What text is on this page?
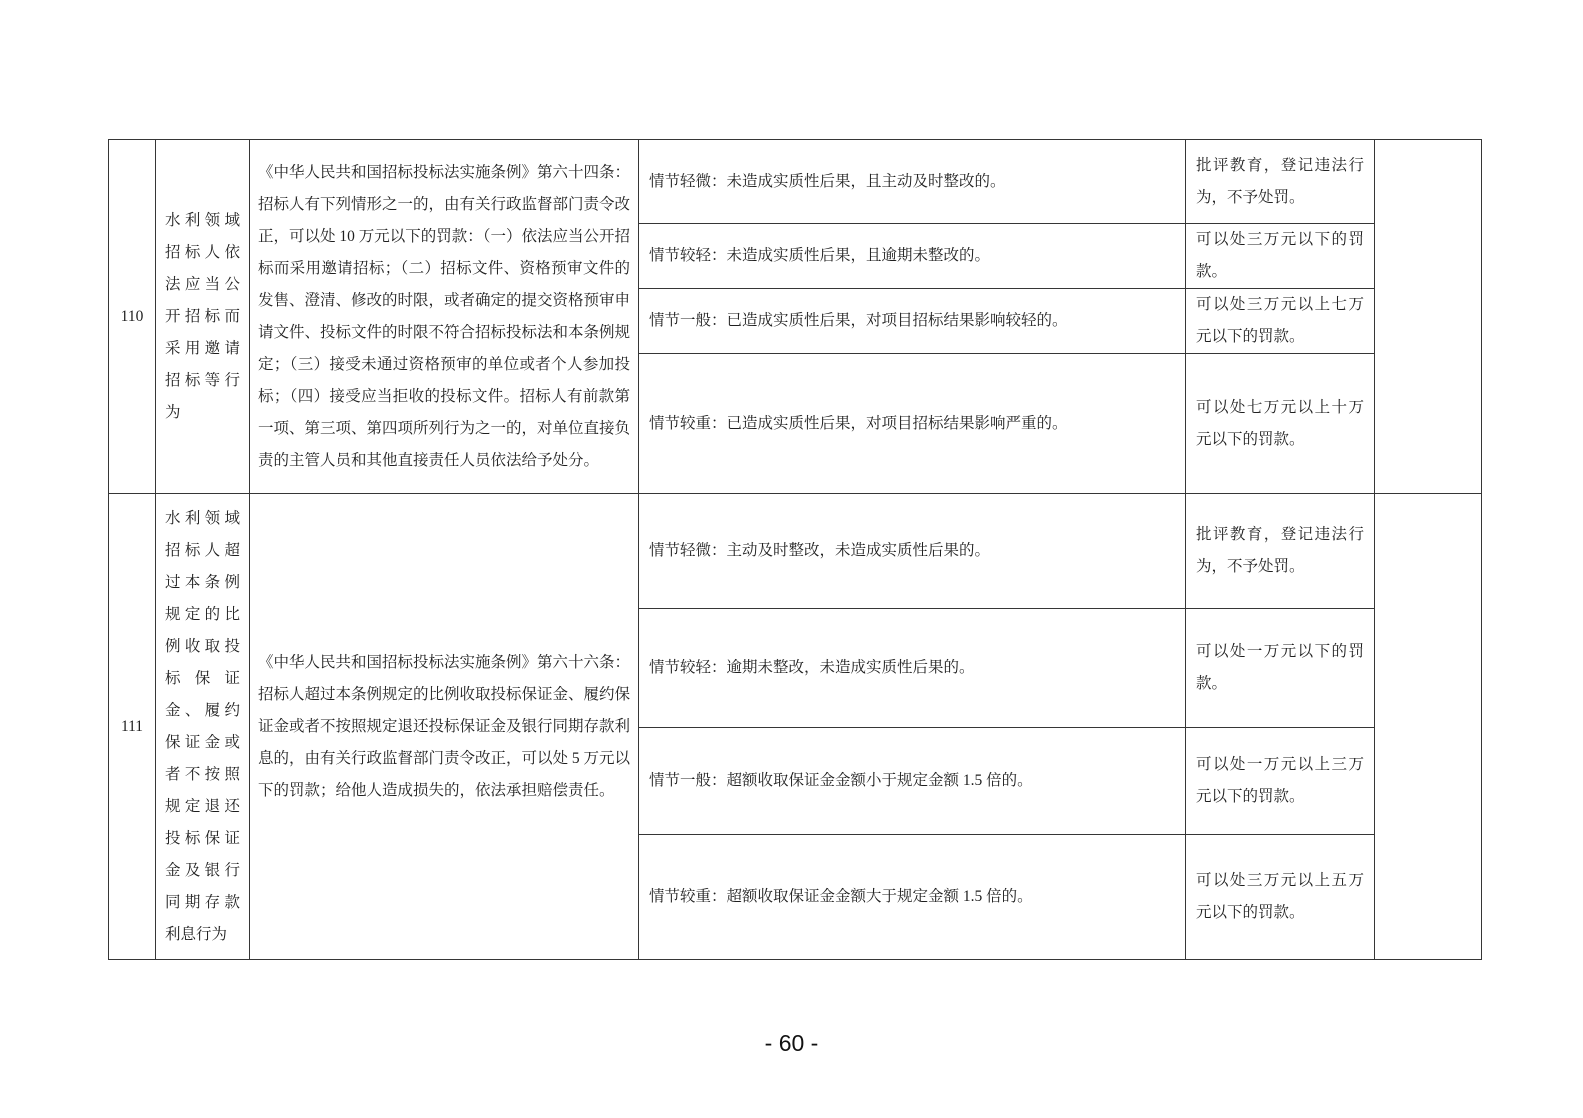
110
水利领域招标人依法应当公开招标而采用邀请招标等行为
《中华人民共和国招标投标法实施条例》第六十四条：招标人有下列情形之一的，由有关行政监督部门责令改正，可以处 10 万元以下的罚款：（一）依法应当公开招标而采用邀请招标；（二）招标文件、资格预审文件的发售、澄清、修改的时限，或者确定的提交资格预审申请文件、投标文件的时限不符合招标投标法和本条例规定；（三）接受未通过资格预审的单位或者个人参加投标；（四）接受应当拒收的投标文件。招标人有前款第一项、第三项、第四项所列行为之一的，对单位直接负责的主管人员和其他直接责任人员依法给予处分。
情节轻微：未造成实质性后果，且主动及时整改的。
批评教育，登记违法行为，不予处罚。
情节较轻：未造成实质性后果，且逾期未整改的。
可以处三万元以下的罚款。
情节一般：已造成实质性后果，对项目招标结果影响较轻的。
可以处三万元以上七万元以下的罚款。
情节较重：已造成实质性后果，对项目招标结果影响严重的。
可以处七万元以上十万元以下的罚款。
111
水利领域招标人超过本条例规定的比例收取投标保证金、履约保证金或者不按照规定退还投标保证金及银行同期存款利息行为
《中华人民共和国招标投标法实施条例》第六十六条：招标人超过本条例规定的比例收取投标保证金、履约保证金或者不按照规定退还投标保证金及银行同期存款利息的，由有关行政监督部门责令改正，可以处 5 万元以下的罚款；给他人造成损失的，依法承担赔偿责任。
情节轻微：主动及时整改，未造成实质性后果的。
批评教育，登记违法行为，不予处罚。
情节较轻：逾期未整改，未造成实质性后果的。
可以处一万元以下的罚款。
情节一般：超额收取保证金金额小于规定金额 1.5 倍的。
可以处一万元以上三万元以下的罚款。
情节较重：超额收取保证金金额大于规定金额 1.5 倍的。
可以处三万元以上五万元以下的罚款。
- 60 -
